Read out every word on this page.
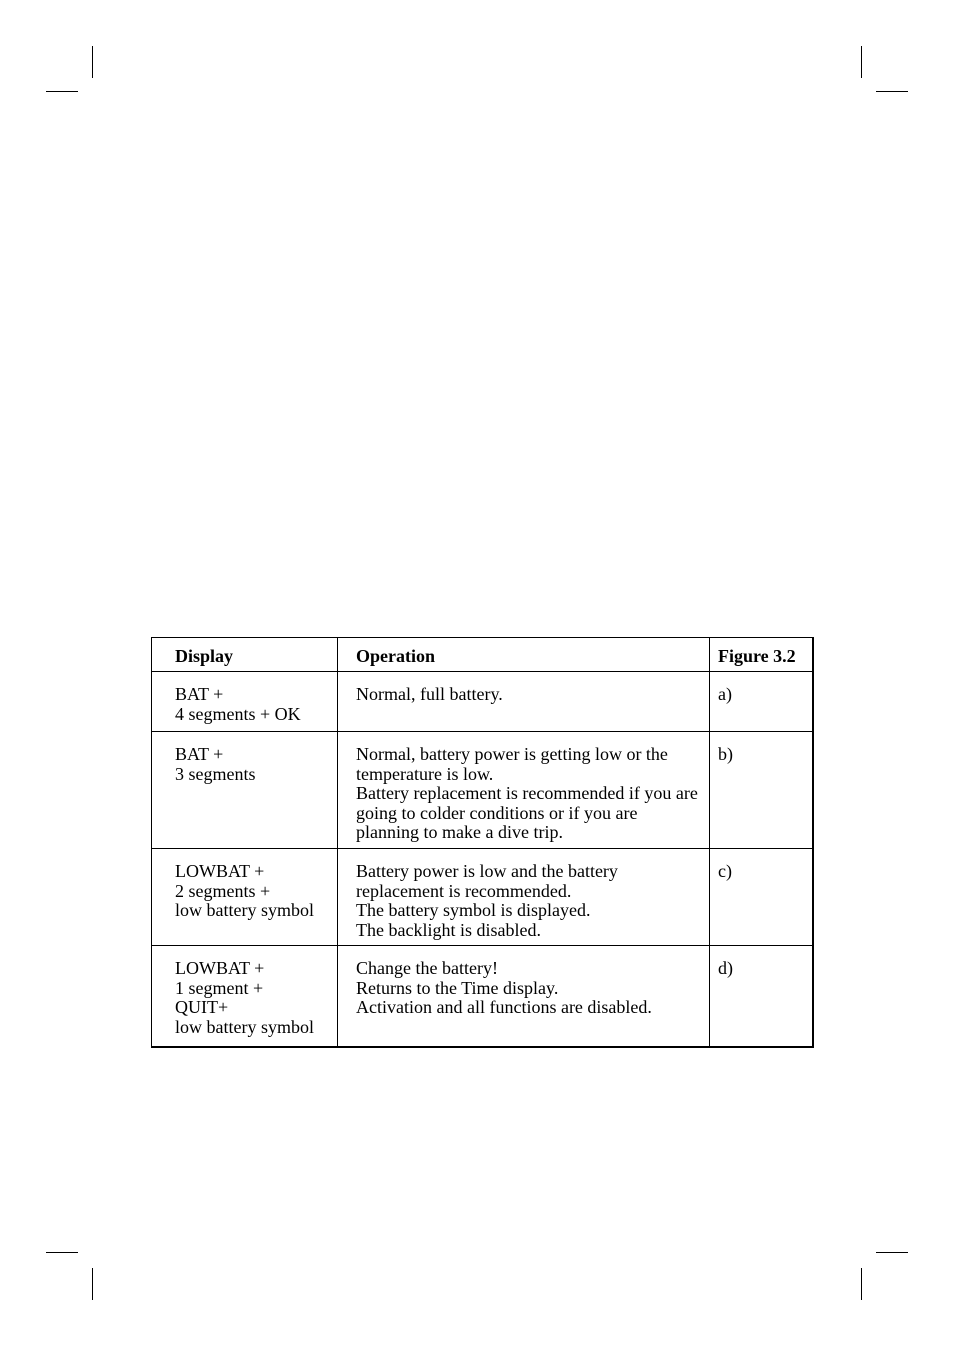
Display	Operation	Figure 3.2

BAT +
4 segments + OK	Normal, full battery.	a)

BAT +
3 segments	Normal, battery power is getting low or the temperature is low.
Battery replacement is recommended if you are going to colder conditions or if you are planning to make a dive trip.	b)

LOWBAT +
2 segments +
low battery symbol	Battery power is low and the battery replacement is recommended.
The battery symbol is displayed.
The backlight is disabled.	c)

LOWBAT +
1 segment +
QUIT+
low battery symbol	Change the battery!
Returns to the Time display.
Activation and all functions are disabled.	d)
